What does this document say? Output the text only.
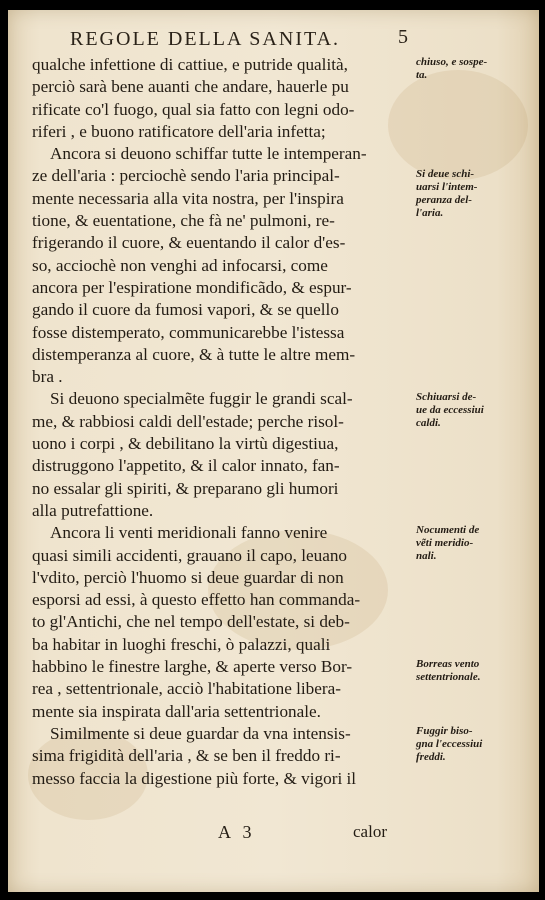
REGOLE DELLA SANITA.	5
qualche infettione di cattiue, e putride qualità,
perciò sarà bene auanti che andare, hauerle pu
rificate co'l fuogo, qual sia fatto con legni odo-
riferi , e buono ratificatore dell'aria infetta;
Ancora si deuono schiffar tutte le intemperan-
ze dell'aria : perciochè sendo l'aria principal-
mente necessaria alla vita nostra, per l'inspira
tione, & euentatione, che fà ne' pulmoni, re-
frigerando il cuore, & euentando il calor d'es-
so, acciochè non venghi ad infocarsi, come
ancora per l'espiratione mondificãdo, & espur-
gando il cuore da fumosi vapori, & se quello
fosse distemperato, communicarebbe l'istessa
distemperanza al cuore, & à tutte le altre mem-
bra .
Si deuono specialmẽte fuggir le grandi scal-
me, & rabbiosi caldi dell'estade; perche risol-
uono i corpi , & debilitano la virtù digestiua,
distruggono l'appetito, & il calor innato, fan-
no essalar gli spiriti, & preparano gli humori
alla putrefattione.
Ancora li venti meridionali fanno venire
quasi simili accidenti, grauano il capo, leuano
l'vdito, perciò l'huomo si deue guardar di non
esporsi ad essi, à questo effetto han commanda-
to gl'Antichi, che nel tempo dell'estate, si deb-
ba habitar in luoghi freschi, ò palazzi, quali
habbino le finestre larghe, & aperte verso Bor-
rea , settentrionale, acciò l'habitatione libera-
mente sia inspirata dall'aria settentrionale.
Similmente si deue guardar da vna intensis-
sima frigidità dell'aria , & se ben il freddo ri-
messo faccia la digestione più forte, & vigori il
chiuso, e sospe-
ta.
Si deue schi-
uarsi l'intem-
peranza del-
l'aria.
Schiuarsi de-
ue da eccessiui
caldi.
Nocumenti de
vẽti meridio-
nali.
Borreas vento
settentrionale.
Fuggir biso-
gna l'eccessiui
freddi.
A 3	calor
